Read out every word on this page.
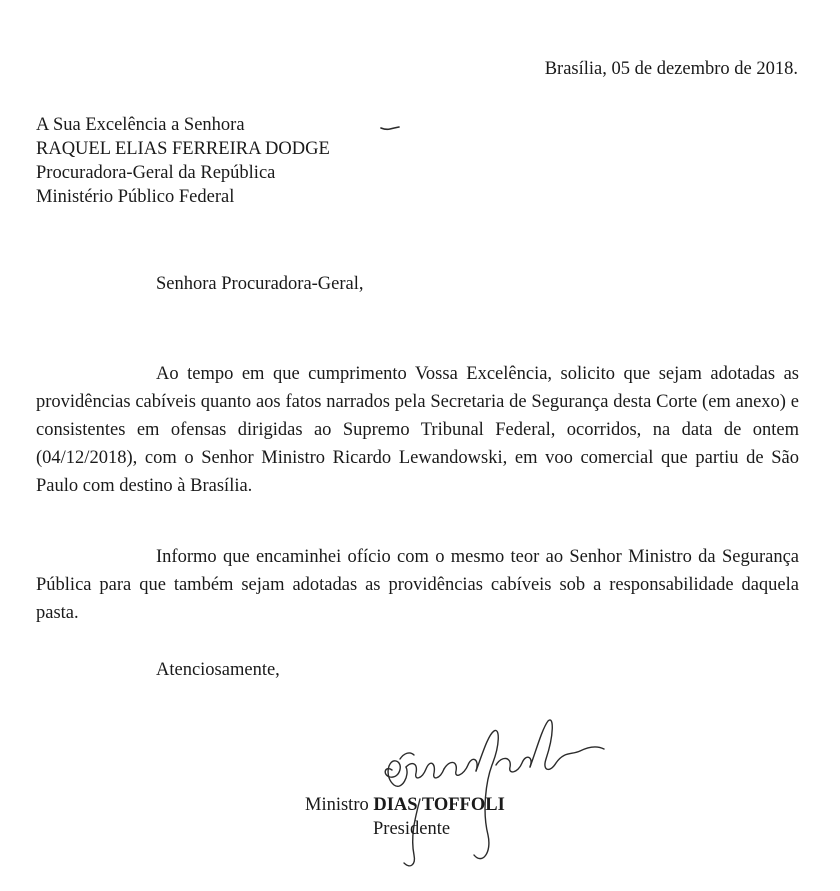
Brasília, 05 de dezembro de 2018.
A Sua Excelência a Senhora
RAQUEL ELIAS FERREIRA DODGE
Procuradora-Geral da República
Ministério Público Federal
Senhora Procuradora-Geral,

Ao tempo em que cumprimento Vossa Excelência, solicito que sejam adotadas as providências cabíveis quanto aos fatos narrados pela Secretaria de Segurança desta Corte (em anexo) e consistentes em ofensas dirigidas ao Supremo Tribunal Federal, ocorridos, na data de ontem (04/12/2018), com o Senhor Ministro Ricardo Lewandowski, em voo comercial que partiu de São Paulo com destino à Brasília.

Informo que encaminhei ofício com o mesmo teor ao Senhor Ministro da Segurança Pública para que também sejam adotadas as providências cabíveis sob a responsabilidade daquela pasta.

Atenciosamente,
Ministro DIAS TOFFOLI
Presidente
